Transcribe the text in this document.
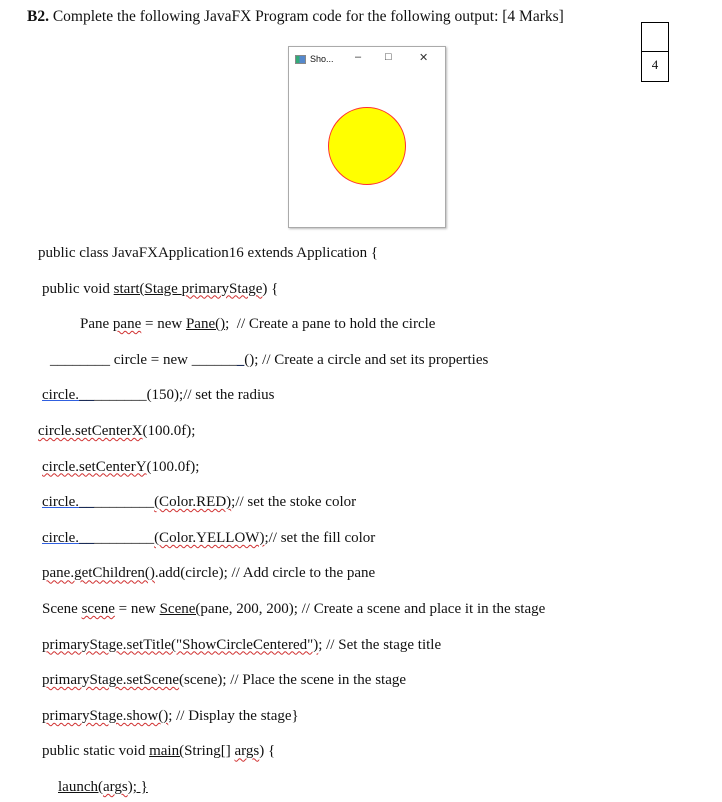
B2. Complete the following JavaFX Program code for the following output: [4 Marks]
4
Sho... – □ ✕
public class JavaFXApplication16 extends Application {
public void start(Stage primaryStage) {
Pane pane = new Pane();  // Create a pane to hold the circle
________ circle = new _______(); // Create a circle and set its properties
circle._________(150);// set the radius
circle.setCenterX(100.0f);
circle.setCenterY(100.0f);
circle.__________(Color.RED);// set the stoke color
circle.__________(Color.YELLOW);// set the fill color
pane.getChildren().add(circle); // Add circle to the pane
Scene scene = new Scene(pane, 200, 200); // Create a scene and place it in the stage
primaryStage.setTitle("ShowCircleCentered"); // Set the stage title
primaryStage.setScene(scene); // Place the scene in the stage
primaryStage.show(); // Display the stage}
public static void main(String[] args) {
launch(args); }
